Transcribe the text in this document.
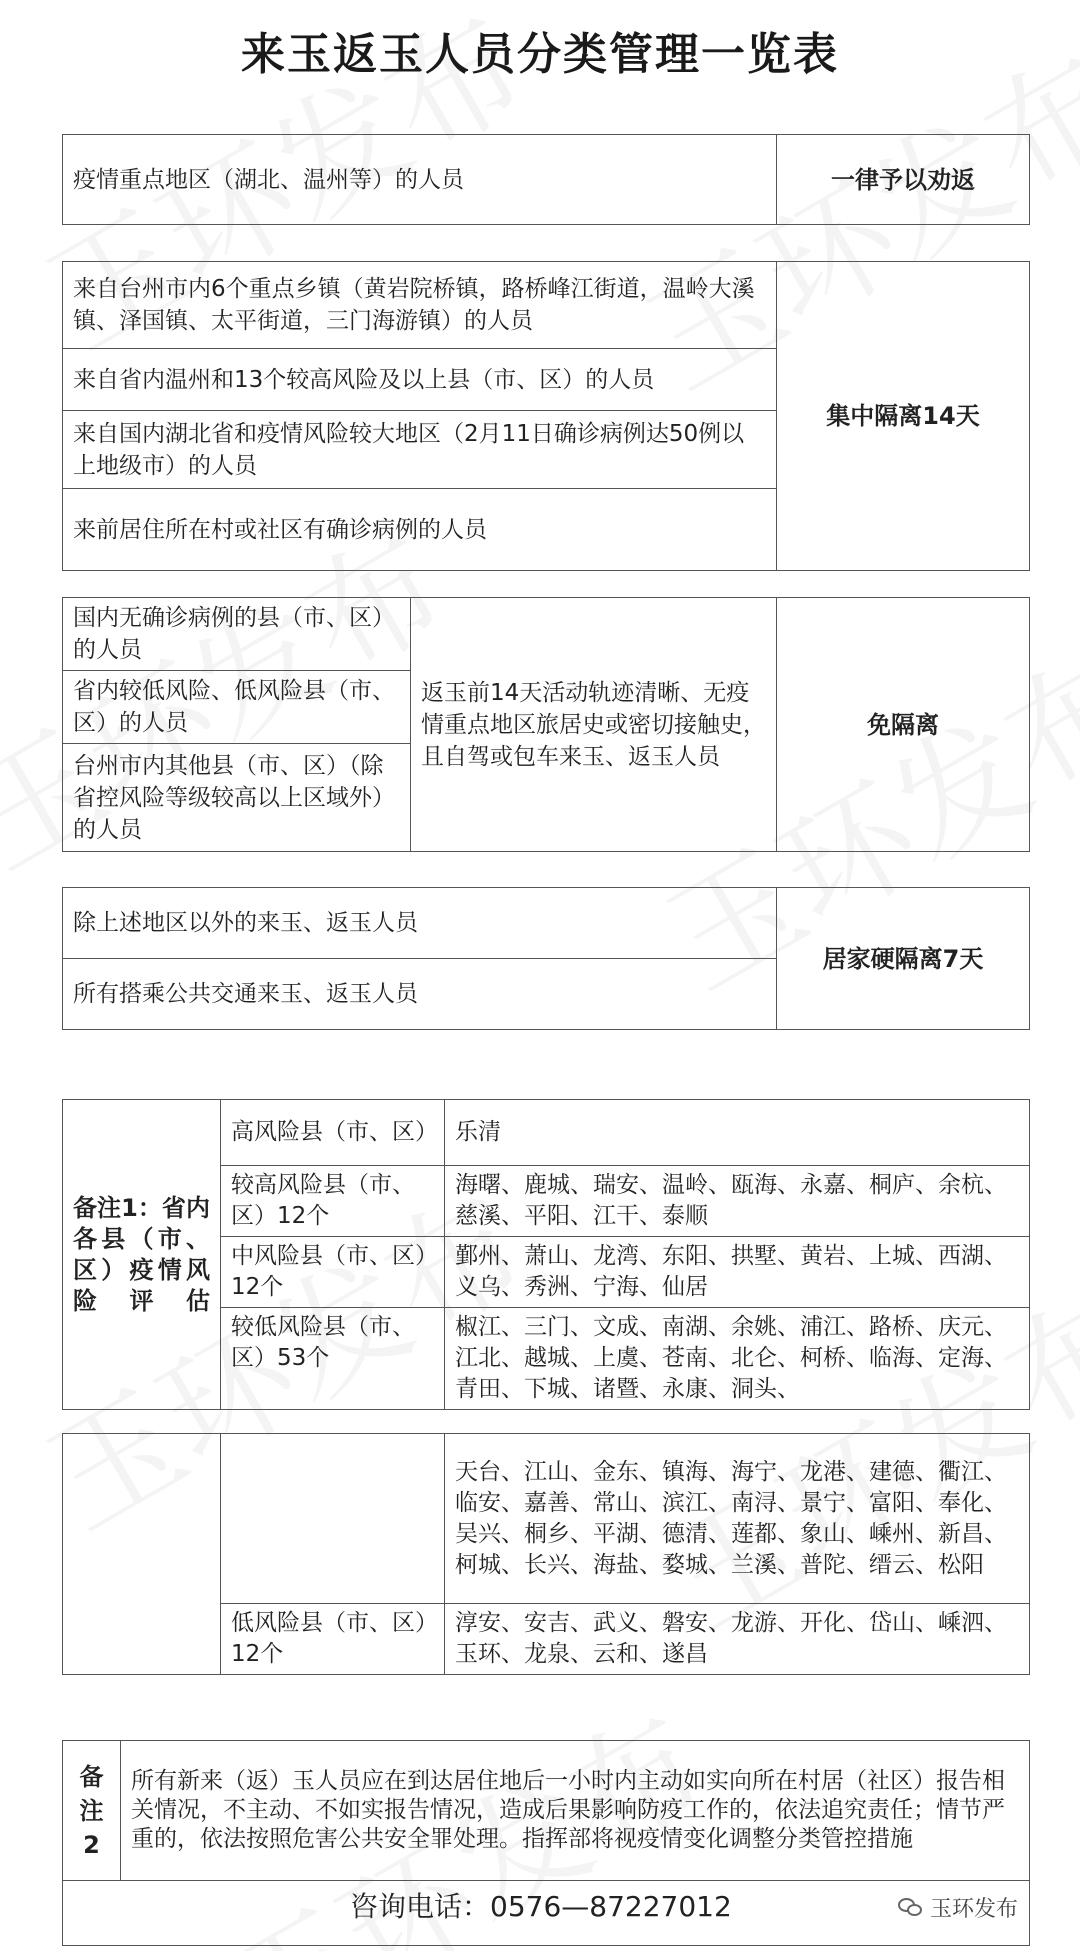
来玉返玉人员分类管理一览表
疫情重点地区（湖北、温州等）的人员	一律予以劝返
来自台州市内6个重点乡镇（黄岩院桥镇，路桥峰江街道，温岭大溪镇、泽国镇、太平街道，三门海游镇）的人员	集中隔离14天
来自省内温州和13个较高风险及以上县（市、区）的人员
来自国内湖北省和疫情风险较大地区（2月11日确诊病例达50例以上地级市）的人员
来前居住所在村或社区有确诊病例的人员
国内无确诊病例的县（市、区）的人员	返玉前14天活动轨迹清晰、无疫情重点地区旅居史或密切接触史，且自驾或包车来玉、返玉人员	免隔离
省内较低风险、低风险县（市、区）的人员
台州市内其他县（市、区）（除省控风险等级较高以上区域外）的人员
除上述地区以外的来玉、返玉人员	居家硬隔离7天
所有搭乘公共交通来玉、返玉人员
备注1：省内各县（市、区）疫情风险评估	高风险县（市、区）	乐清
	较高风险县（市、区）12个	海曙、鹿城、瑞安、温岭、瓯海、永嘉、桐庐、余杭、慈溪、平阳、江干、泰顺
	中风险县（市、区）12个	鄞州、萧山、龙湾、东阳、拱墅、黄岩、上城、西湖、义乌、秀洲、宁海、仙居
	较低风险县（市、区）53个	椒江、三门、文成、南湖、余姚、浦江、路桥、庆元、江北、越城、上虞、苍南、北仑、柯桥、临海、定海、青田、下城、诸暨、永康、洞头、
		天台、江山、金东、镇海、海宁、龙港、建德、衢江、临安、嘉善、常山、滨江、南浔、景宁、富阳、奉化、吴兴、桐乡、平湖、德清、莲都、象山、嵊州、新昌、柯城、长兴、海盐、婺城、兰溪、普陀、缙云、松阳
	低风险县（市、区）12个	淳安、安吉、武义、磐安、龙游、开化、岱山、嵊泗、玉环、龙泉、云和、遂昌
备注2	所有新来（返）玉人员应在到达居住地后一小时内主动如实向所在村居（社区）报告相关情况，不主动、不如实报告情况，造成后果影响防疫工作的，依法追究责任；情节严重的，依法按照危害公共安全罪处理。指挥部将视疫情变化调整分类管控措施
咨询电话：0576—87227012	玉环发布
